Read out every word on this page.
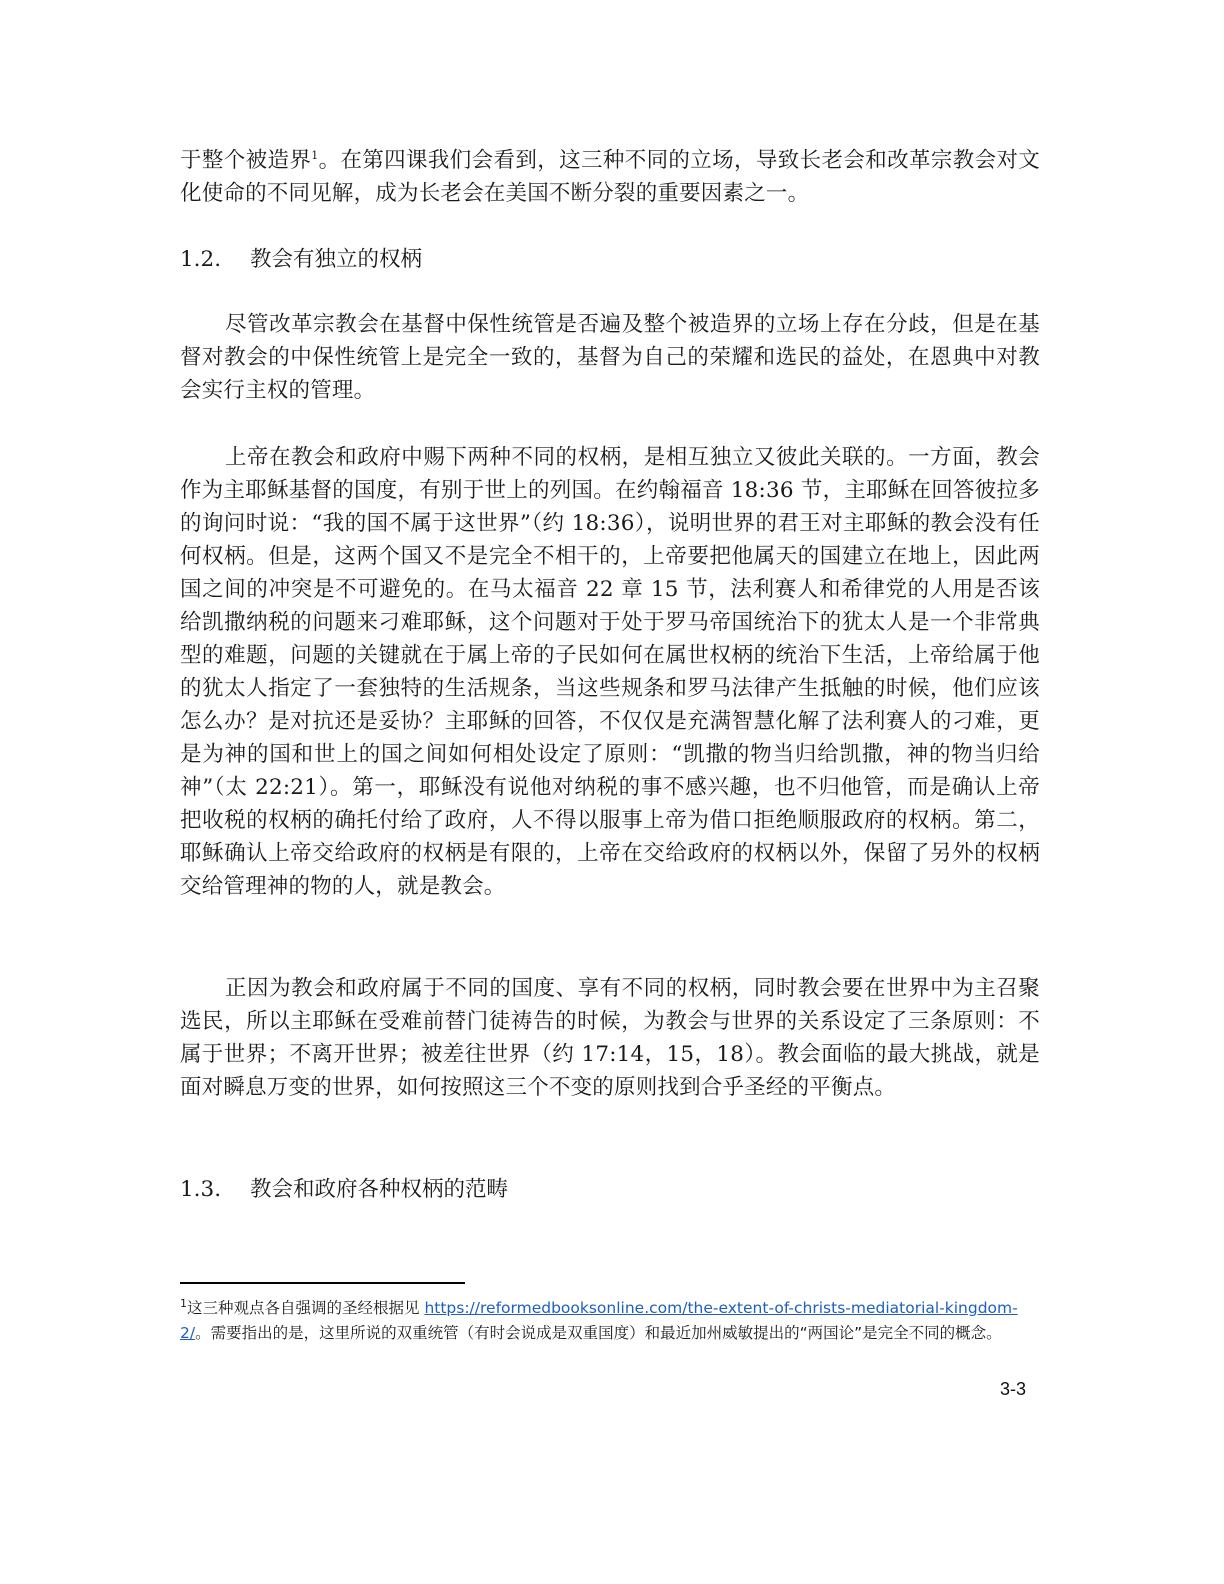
于整个被造界$^1$。在第四课我们会看到，这三种不同的立场，导致长老会和改革宗教会对文化使命的不同见解，成为长老会在美国不断分裂的重要因素之一。
1.2. 教会有独立的权柄
尽管改革宗教会在基督中保性统管是否遍及整个被造界的立场上存在分歧，但是在基督对教会的中保性统管上是完全一致的，基督为自己的荣耀和选民的益处，在恩典中对教会实行主权的管理。
上帝在教会和政府中赐下两种不同的权柄，是相互独立又彼此关联的。一方面，教会作为主耶稣基督的国度，有别于世上的列国。在约翰福音 18:36 节，主耶稣在回答彼拉多的询问时说：“我的国不属于这世界”（约 18:36），说明世界的君王对主耶稣的教会没有任何权柄。但是，这两个国又不是完全不相干的，上帝要把他属天的国建立在地上，因此两国之间的冲突是不可避免的。在马太福音 22 章 15 节，法利赛人和希律党的人用是否该给凯撒纳税的问题来刁难耶稣，这个问题对于处于罗马帝国统治下的犹太人是一个非常典型的难题，问题的关键就在于属上帝的子民如何在属世权柄的统治下生活，上帝给属于他的犹太人指定了一套独特的生活规条，当这些规条和罗马法律产生抵触的时候，他们应该怎么办？是对抗还是妥协？主耶稣的回答，不仅仅是充满智慧化解了法利赛人的刁难，更是为神的国和世上的国之间如何相处设定了原则：“凯撒的物当归给凯撒，神的物当归给神”（太 22:21）。第一，耶稣没有说他对纳税的事不感兴趣，也不归他管，而是确认上帝把收税的权柄的确托付给了政府，人不得以服事上帝为借口拒绝顺服政府的权柄。第二，耶稣确认上帝交给政府的权柄是有限的，上帝在交给政府的权柄以外，保留了另外的权柄交给管理神的物的人，就是教会。
正因为教会和政府属于不同的国度、享有不同的权柄，同时教会要在世界中为主召聚选民，所以主耶稣在受难前替门徒祷告的时候，为教会与世界的关系设定了三条原则：不属于世界；不离开世界；被差往世界（约 17:14，15，18）。教会面临的最大挑战，就是面对瞬息万变的世界，如何按照这三个不变的原则找到合乎圣经的平衡点。
1.3. 教会和政府各种权柄的范畴
$^1$这三种观点各自强调的圣经根据见 https://reformedbooksonline.com/the-extent-of-christs-mediatorial-kingdom-2/。需要指出的是，这里所说的双重统管（有时会说成是双重国度）和最近加州威敏提出的“两国论”是完全不同的概念。
3-3
